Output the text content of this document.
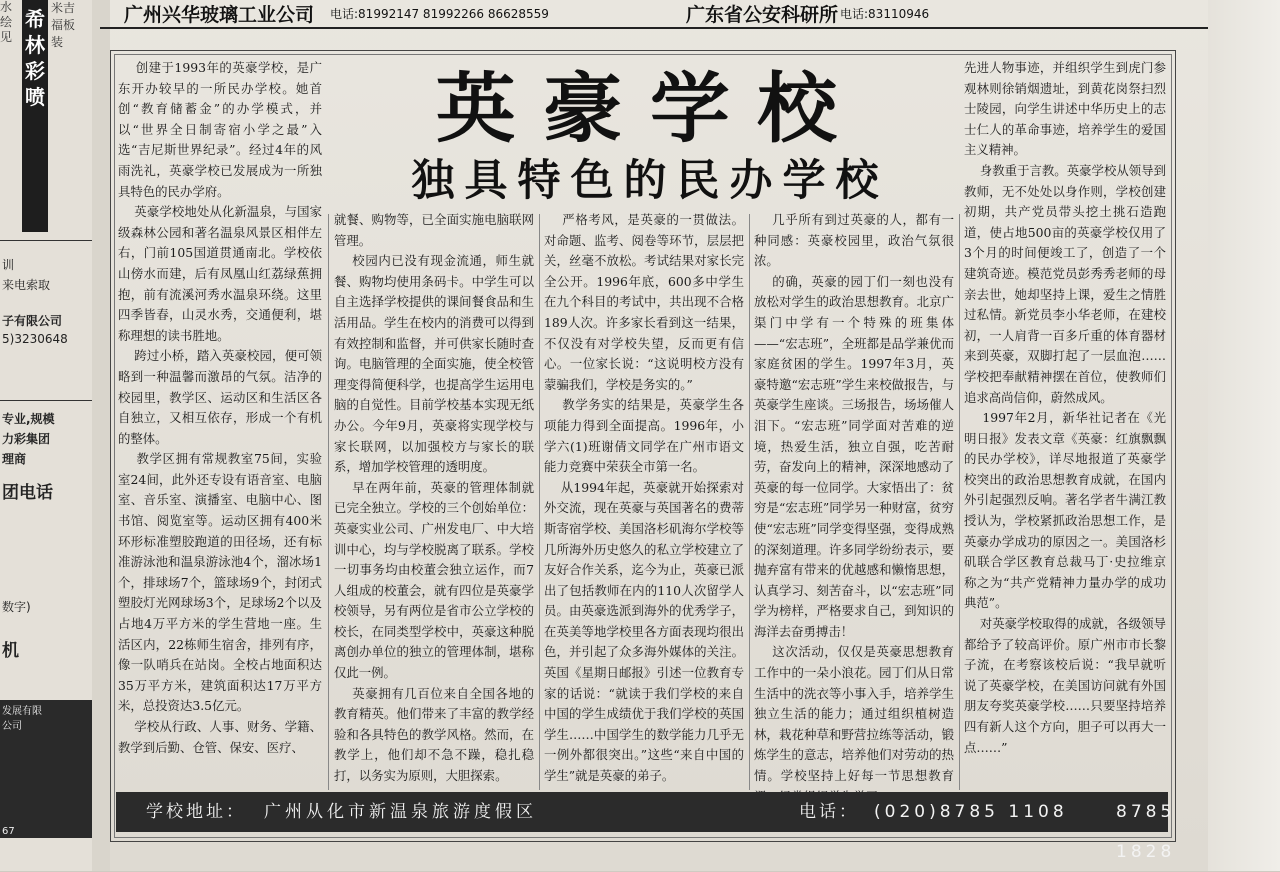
水绘见
希林彩喷
米吉福板装
训
来电索取
子有限公司
5)3230648
专业,规模
力彩集团
理商
团电话
数字)
机
发展有限公司
67
广州兴华玻璃工业公司 电话:81992147 81992266 86628559	广东省公安科研所 电话:83110946
英豪学校
独具特色的民办学校
创建于1993年的英豪学校，是广东开办较早的一所民办学校。她首创“教育储蓄金”的办学模式，并以“世界全日制寄宿小学之最”入选“吉尼斯世界纪录”。经过4年的风雨洗礼，英豪学校已发展成为一所独具特色的民办学府。
英豪学校地处从化新温泉，与国家级森林公园和著名温泉风景区相伴左右，门前105国道贯通南北。学校依山傍水而建，后有凤凰山红荔绿蕉拥抱，前有流溪河秀水温泉环绕。这里四季皆春，山灵水秀，交通便利，堪称理想的读书胜地。
跨过小桥，踏入英豪校园，便可领略到一种温馨而激昂的气氛。洁净的校园里，教学区、运动区和生活区各自独立，又相互依存，形成一个有机的整体。
教学区拥有常规教室75间，实验室24间，此外还专设有语音室、电脑室、音乐室、演播室、电脑中心、图书馆、阅览室等。运动区拥有400米环形标准塑胶跑道的田径场，还有标准游泳池和温泉游泳池4个，溜冰场1个，排球场7个，篮球场9个，封闭式塑胶灯光网球场3个，足球场2个以及占地4万平方米的学生营地一座。生活区内，22栋师生宿舍，排列有序，像一队哨兵在站岗。全校占地面积达35万平方米，建筑面积达17万平方米，总投资达3.5亿元。
学校从行政、人事、财务、学籍、教学到后勤、仓管、保安、医疗、
就餐、购物等，已全面实施电脑联网管理。
校园内已没有现金流通，师生就餐、购物均使用条码卡。中学生可以自主选择学校提供的课间餐食品和生活用品。学生在校内的消费可以得到有效控制和监督，并可供家长随时查询。电脑管理的全面实施，使全校管理变得简便科学，也提高学生运用电脑的自觉性。目前学校基本实现无纸办公。今年9月，英豪将实现学校与家长联网，以加强校方与家长的联系，增加学校管理的透明度。
早在两年前，英豪的管理体制就已完全独立。学校的三个创始单位：英豪实业公司、广州发电厂、中大培训中心，均与学校脱离了联系。学校一切事务均由校董会独立运作，而7人组成的校董会，就有四位是英豪学校领导，另有两位是省市公立学校的校长，在同类型学校中，英豪这种脱离创办单位的独立的管理体制，堪称仅此一例。
英豪拥有几百位来自全国各地的教育精英。他们带来了丰富的教学经验和各具特色的教学风格。然而，在教学上，他们却不急不躁，稳扎稳打，以务实为原则，大胆探索。
严格考风，是英豪的一贯做法。对命题、监考、阅卷等环节，层层把关，丝毫不放松。考试结果对家长完全公开。1996年底，600多中学生在九个科目的考试中，共出现不合格189人次。许多家长看到这一结果，不仅没有对学校失望，反而更有信心。一位家长说：“这说明校方没有蒙骗我们，学校是务实的。”
教学务实的结果是，英豪学生各项能力得到全面提高。1996年，小学六(1)班谢倩文同学在广州市语文能力竞赛中荣获全市第一名。
从1994年起，英豪就开始探索对外交流，现在英豪与英国著名的费蒂斯寄宿学校、美国洛杉矶海尔学校等几所海外历史悠久的私立学校建立了友好合作关系，迄今为止，英豪已派出了包括教师在内的110人次留学人员。由英豪选派到海外的优秀学子，在英美等地学校里各方面表现均很出色，并引起了众多海外媒体的关注。英国《星期日邮报》引述一位教育专家的话说：“就读于我们学校的来自中国的学生成绩优于我们学校的英国学生……中国学生的数学能力几乎无一例外都很突出。”这些“来自中国的学生”就是英豪的弟子。
几乎所有到过英豪的人，都有一种同感：英豪校园里，政治气氛很浓。
的确，英豪的园丁们一刻也没有放松对学生的政治思想教育。北京广渠门中学有一个特殊的班集体——“宏志班”，全班都是品学兼优而家庭贫困的学生。1997年3月，英豪特邀“宏志班”学生来校做报告，与英豪学生座谈。三场报告，场场催人泪下。“宏志班”同学面对苦难的逆境，热爱生活，独立自强，吃苦耐劳，奋发向上的精神，深深地感动了英豪的每一位同学。大家悟出了：贫穷是“宏志班”同学另一种财富，贫穷使“宏志班”同学变得坚强，变得成熟的深刻道理。许多同学纷纷表示，要抛弃富有带来的优越感和懒惰思想，认真学习、刻苦奋斗，以“宏志班”同学为榜样，严格要求自己，到知识的海洋去奋勇搏击！
这次活动，仅仅是英豪思想教育工作中的一朵小浪花。园丁们从日常生活中的洗衣等小事入手，培养学生独立生活的能力；通过组织植树造林，栽花种草和野营拉练等活动，锻炼学生的意志，培养他们对劳动的热情。学校坚持上好每一节思想教育
先进人物事迹，并组织学生到虎门参观林则徐销烟遗址，到黄花岗祭扫烈士陵园，向学生讲述中华历史上的志士仁人的革命事迹，培养学生的爱国主义精神。
身教重于言教。英豪学校从领导到教师，无不处处以身作则，学校创建初期，共产党员带头挖土挑石造跑道，使占地500亩的英豪学校仅用了3个月的时间便竣工了，创造了一个建筑奇迹。模范党员彭秀秀老师的母亲去世，她却坚持上课，爱生之情胜过私情。新党员李小华老师，在建校初，一人肩背一百多斤重的体育器材来到英豪，双脚打起了一层血泡……学校把奉献精神摆在首位，使教师们追求高尚信仰，蔚然成风。
1997年2月，新华社记者在《光明日报》发表文章《英豪：红旗飘飘的民办学校》，详尽地报道了英豪学校突出的政治思想教育成就，在国内外引起强烈反响。著名学者牛满江教授认为，学校紧抓政治思想工作，是英豪办学成功的原因之一。美国洛杉矶联合学区教育总裁马丁·史拉维京称之为“共产党精神力量办学的成功典范”。
对英豪学校取得的成就，各级领导都给予了较高评价。原广州市市长黎子流，在考察该校后说：“我早就听说了英豪学校，在美国访问就有外国朋友夸奖英豪学校……只要坚持培养四有新人这个方向，胆子可以再大一点……”
学校地址： 广州从化市新温泉旅游度假区	电话： (020)8785 1108	8785 1828
